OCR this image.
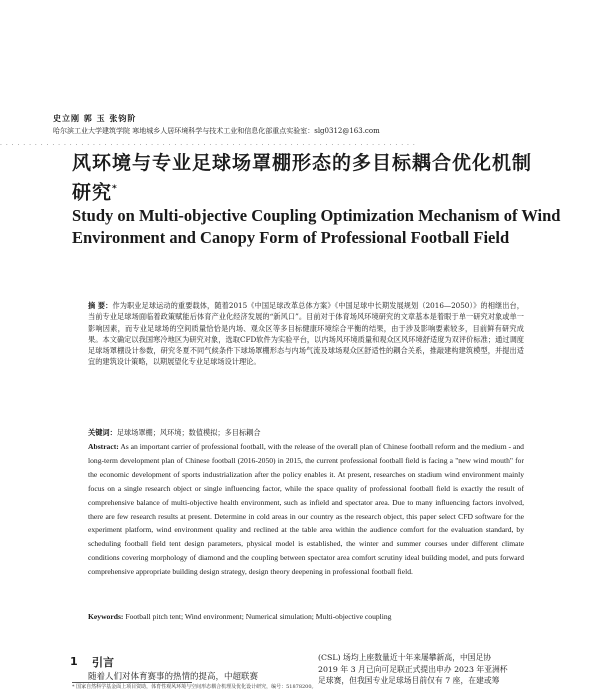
史立刚 郭 玉 张钧阶
哈尔滨工业大学建筑学院 寒地城乡人居环境科学与技术工业和信息化部重点实验室：slg0312@163.com
· · · · · · · · · · · · · · · · · · · · · · · · · · · · · · · · · · · · · · · · · · · · · · · · · · · · · · · · · · · · · · · · · · · · · · · ·
风环境与专业足球场罩棚形态的多目标耦合优化机制研究*
Study on Multi-objective Coupling Optimization Mechanism of Wind Environment and Canopy Form of Professional Football Field
摘 要：作为职业足球运动的重要载体，随着2015《中国足球改革总体方案》《中国足球中长期发展规划（2016—2050）》的相继出台，当前专业足球场面临着政策赋能后体育产业化经济发展的“新风口”。目前对于体育场风环境研究的文章基本是着眼于单一研究对象或单一影响因素，而专业足球场的空间质量恰恰是内场、观众区等多目标健康环境综合平衡的结果，由于涉及影响要素较多，目前鲜有研究成果。本文确定以我国寒冷地区为研究对象，选取CFD软件为实验平台，以内场风环境质量和观众区风环境舒适度为双评价标准；通过调度足球场罩棚设计参数，研究冬夏不同气候条件下球场罩棚形态与内场气流及球场观众区舒适性的耦合关系，推敲建构建筑模型，并提出适宜的建筑设计策略，以期展望化专业足球场设计理论。
关键词：足球场罩棚；风环境；数值模拟；多目标耦合
Abstract: As an important carrier of professional football, with the release of the overall plan of Chinese football reform and the medium - and long-term development plan of Chinese football (2016-2050) in 2015, the current professional football field is facing a "new wind mouth" for the economic development of sports industrialization after the policy enables it. At present, researches on stadium wind environment mainly focus on a single research object or single influencing factor, while the space quality of professional football field is exactly the result of comprehensive balance of multi-objective health environment, such as infield and spectator area. Due to many influencing factors involved, there are few research results at present. Determine in cold areas in our country as the research object, this paper select CFD software for the experiment platform, wind environment quality and reclined at the table area within the audience comfort for the evaluation standard, by scheduling football field tent design parameters, physical model is established, the winter and summer courses under different climate conditions covering morphology of diamond and the coupling between spectator area comfort scrutiny ideal building model, and puts forward comprehensive appropriate building design strategy, design theory deepening in professional football field.
Keywords: Football pitch tent; Wind environment; Numerical simulation; Multi-objective coupling
1 引言
随着人们对体育赛事的热情的提高，中超联赛
(CSL) 场均上座数量近十年来屡攀新高，中国足协
2019 年 3 月已向可足联正式提出申办 2023 年亚洲杯
足球赛，但我国专业足球场目前仅有 7 座，在建或筹
* 国家自然科学基金面上项目资助，体育性观风环境与空间形态耦合机理及优化设计研究，编号：51878200。
